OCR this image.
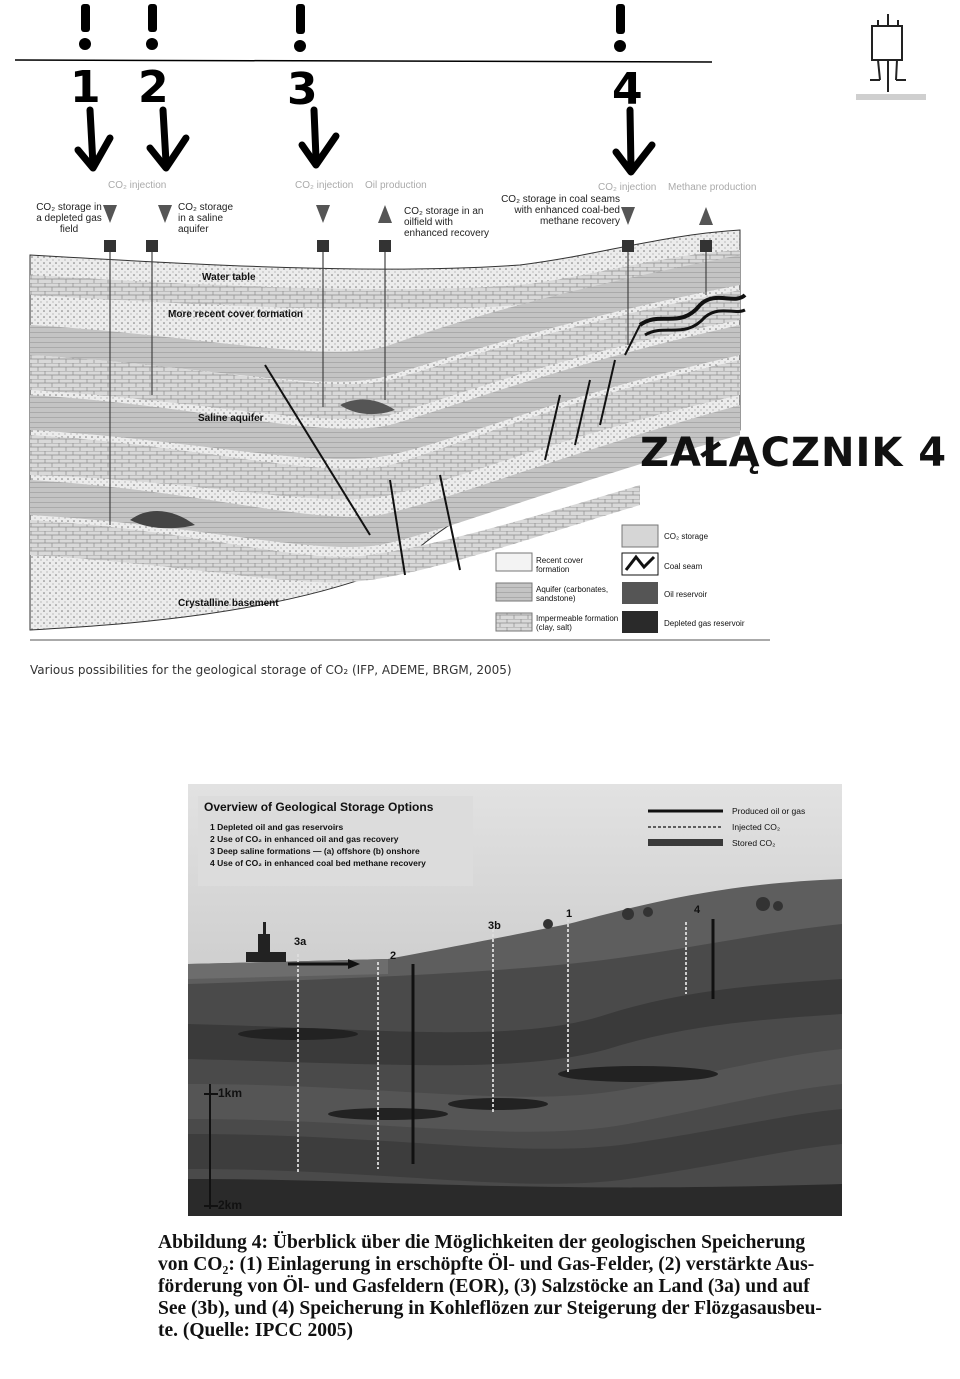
1 2	3	4
CO₂ injection	CO₂ injection	Oil production	CO₂ injection	Methane production
CO₂ storage in a depleted gas field
CO₂ storage in a saline aquifer
CO₂ storage in an oilfield with enhanced recovery
CO₂ storage in coal seams with enhanced coal-bed methane recovery
Water table
More recent cover formation
Saline aquifer
Crystalline basement
ZAŁĄCZNIK 4
Recent cover formation
Aquifer (carbonates, sandstone)
Impermeable formation (clay, salt)
CO₂ storage
Coal seam
Oil reservoir
Depleted gas reservoir
Various possibilities for the geological storage of CO₂ (IFP, ADEME, BRGM, 2005)
Overview of Geological Storage Options
1 Depleted oil and gas reservoirs
2 Use of CO₂ in enhanced oil and gas recovery
3 Deep saline formations — (a) offshore (b) onshore
4 Use of CO₂ in enhanced coal bed methane recovery
Produced oil or gas
Injected CO₂
Stored CO₂
3a
2
3b
1	4
1km
2km
Abbildung 4: Überblick über die Möglichkeiten der geologischen Speicherung
von CO₂: (1) Einlagerung in erschöpfte Öl- und Gas-Felder, (2) verstärkte Aus-
förderung von Öl- und Gasfeldern (EOR), (3) Salzstöcke an Land (3a) und auf
See (3b), und (4) Speicherung in Kohleflözen zur Steigerung der Flözgasausbeu-
te. (Quelle: IPCC 2005)
